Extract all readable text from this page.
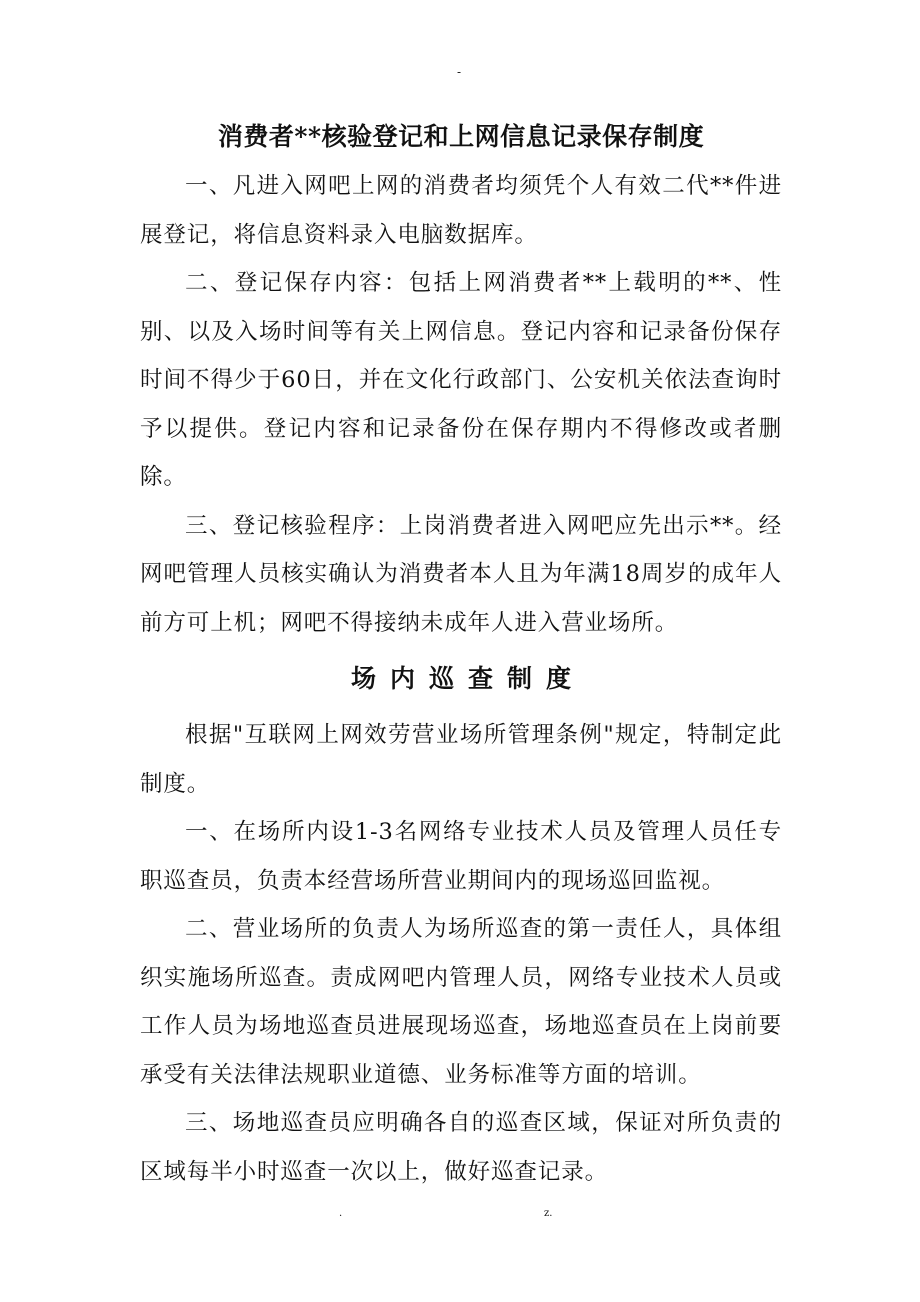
-
消费者**核验登记和上网信息记录保存制度

一、凡进入网吧上网的消费者均须凭个人有效二代**件进展登记，将信息资料录入电脑数据库。

二、登记保存内容：包括上网消费者**上载明的**、性别、以及入场时间等有关上网信息。登记内容和记录备份保存时间不得少于60日，并在文化行政部门、公安机关依法查询时予以提供。登记内容和记录备份在保存期内不得修改或者删除。

三、登记核验程序：上岗消费者进入网吧应先出示**。经网吧管理人员核实确认为消费者本人且为年满18周岁的成年人前方可上机；网吧不得接纳未成年人进入营业场所。

场内巡查制度

根据"互联网上网效劳营业场所管理条例"规定，特制定此制度。

一、在场所内设1-3名网络专业技术人员及管理人员任专职巡查员，负责本经营场所营业期间内的现场巡回监视。

二、营业场所的负责人为场所巡查的第一责任人，具体组织实施场所巡查。责成网吧内管理人员，网络专业技术人员或工作人员为场地巡查员进展现场巡查，场地巡查员在上岗前要承受有关法律法规职业道德、业务标准等方面的培训。

三、场地巡查员应明确各自的巡查区域，保证对所负责的区域每半小时巡查一次以上，做好巡查记录。

.	z.
